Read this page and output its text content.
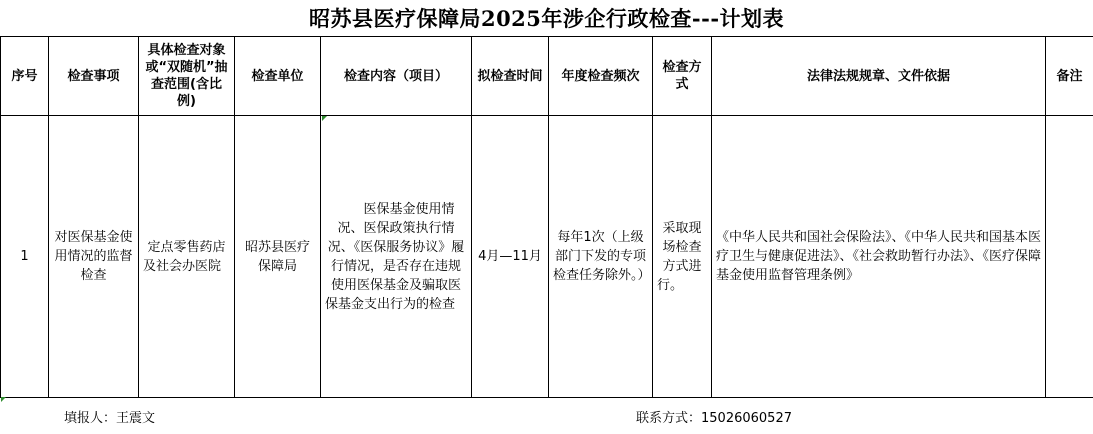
昭苏县医疗保障局2025年涉企行政检查---计划表
序号	检查事项	具体检查对象或“双随机”抽查范围(含比例)	检查单位	检查内容（项目）	拟检查时间	年度检查频次	检查方式	法律法规规章、文件依据	备注
1	对医保基金使用情况的监督检查	定点零售药店及社会办医院	昭苏县医疗保障局	医保基金使用情况、医保政策执行情况、《医保服务协议》履行情况，是否存在违规使用医保基金及骗取医保基金支出行为的检查	4月—11月	每年1次（上级部门下发的专项检查任务除外。）	采取现场检查方式进行。	《中华人民共和国社会保险法》、《中华人民共和国基本医疗卫生与健康促进法》、《社会救助暂行办法》、《医疗保障基金使用监督管理条例》	
填报人：王震文	联系方式：15026060527
